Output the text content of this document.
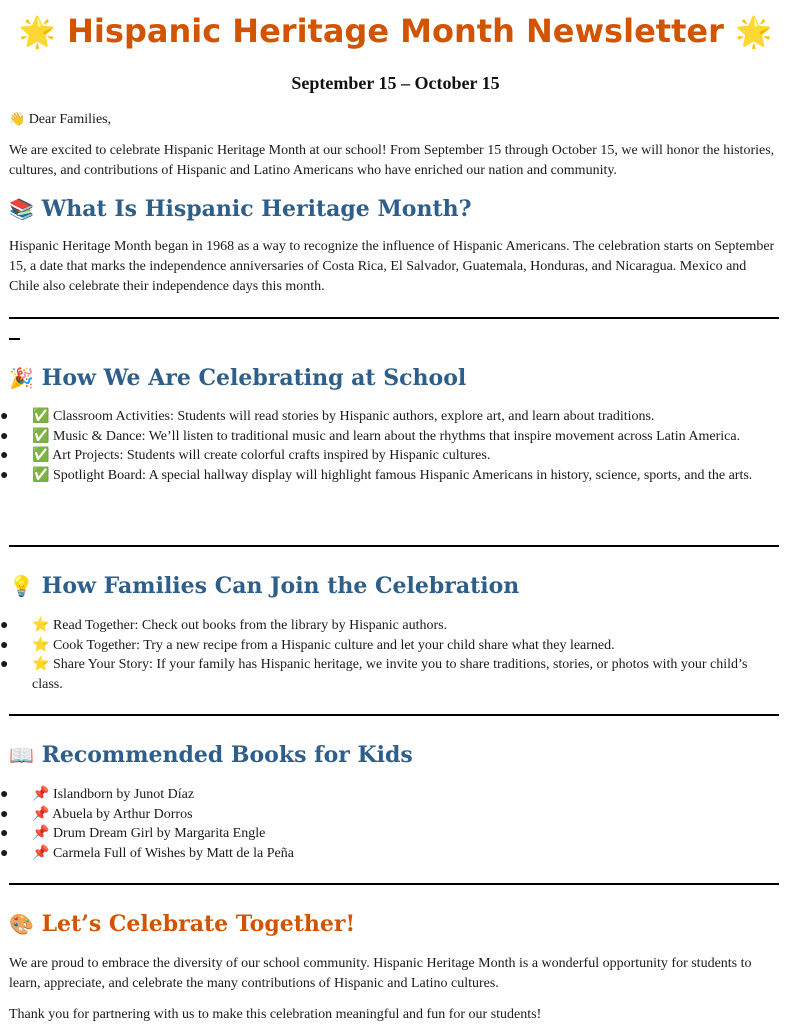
🌟 Hispanic Heritage Month Newsletter 🌟
September 15 – October 15
👋 Dear Families,
We are excited to celebrate Hispanic Heritage Month at our school! From September 15 through October 15, we will honor the histories, cultures, and contributions of Hispanic and Latino Americans who have enriched our nation and community.
📚 What Is Hispanic Heritage Month?
Hispanic Heritage Month began in 1968 as a way to recognize the influence of Hispanic Americans. The celebration starts on September 15, a date that marks the independence anniversaries of Costa Rica, El Salvador, Guatemala, Honduras, and Nicaragua. Mexico and Chile also celebrate their independence days this month.
🎉 How We Are Celebrating at School
● ✅ Classroom Activities: Students will read stories by Hispanic authors, explore art, and learn about traditions.
● ✅ Music & Dance: We’ll listen to traditional music and learn about the rhythms that inspire movement across Latin America.
● ✅ Art Projects: Students will create colorful crafts inspired by Hispanic cultures.
● ✅ Spotlight Board: A special hallway display will highlight famous Hispanic Americans in history, science, sports, and the arts.
💡 How Families Can Join the Celebration
● ⭐ Read Together: Check out books from the library by Hispanic authors.
● ⭐ Cook Together: Try a new recipe from a Hispanic culture and let your child share what they learned.
● ⭐ Share Your Story: If your family has Hispanic heritage, we invite you to share traditions, stories, or photos with your child’s class.
📖 Recommended Books for Kids
● 📌 Islandborn by Junot Díaz
● 📌 Abuela by Arthur Dorros
● 📌 Drum Dream Girl by Margarita Engle
● 📌 Carmela Full of Wishes by Matt de la Peña
🎨 Let’s Celebrate Together!
We are proud to embrace the diversity of our school community. Hispanic Heritage Month is a wonderful opportunity for students to learn, appreciate, and celebrate the many contributions of Hispanic and Latino cultures.
Thank you for partnering with us to make this celebration meaningful and fun for our students!
